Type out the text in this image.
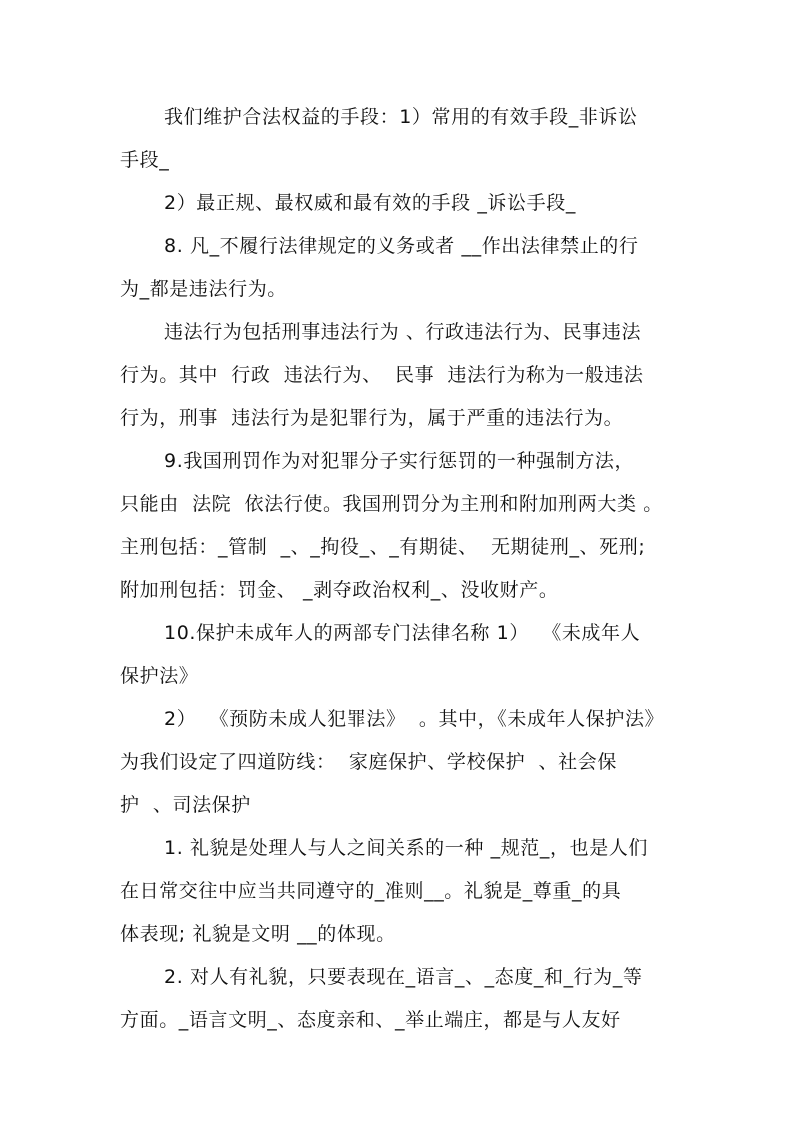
我们维护合法权益的手段：1）常用的有效手段_非诉讼
手段_
2）最正规、最权威和最有效的手段 _诉讼手段_
8. 凡_不履行法律规定的义务或者 __作出法律禁止的行
为_都是违法行为。
违法行为包括刑事违法行为 、行政违法行为、民事违法
行为。其中  行政  违法行为、  民事  违法行为称为一般违法
行为，刑事  违法行为是犯罪行为，属于严重的违法行为。
9.我国刑罚作为对犯罪分子实行惩罚的一种强制方法，
只能由  法院  依法行使。我国刑罚分为主刑和附加刑两大类 。
主刑包括：_管制  _、_拘役_、_有期徒、  无期徒刑_、死刑;
附加刑包括：罚金、 _剥夺政治权利_、没收财产。
10.保护未成年人的两部专门法律名称 1）  《未成年人
保护法》
2）  《预防未成人犯罪法》  。其中，《未成年人保护法》
为我们设定了四道防线：  家庭保护、学校保护  、社会保
护  、司法保护
1. 礼貌是处理人与人之间关系的一种 _规范_，也是人们
在日常交往中应当共同遵守的_准则__。礼貌是_尊重_的具
体表现; 礼貌是文明 __的体现。
2. 对人有礼貌，只要表现在_语言_、_态度_和_行为_等
方面。_语言文明_、态度亲和、_举止端庄，都是与人友好
